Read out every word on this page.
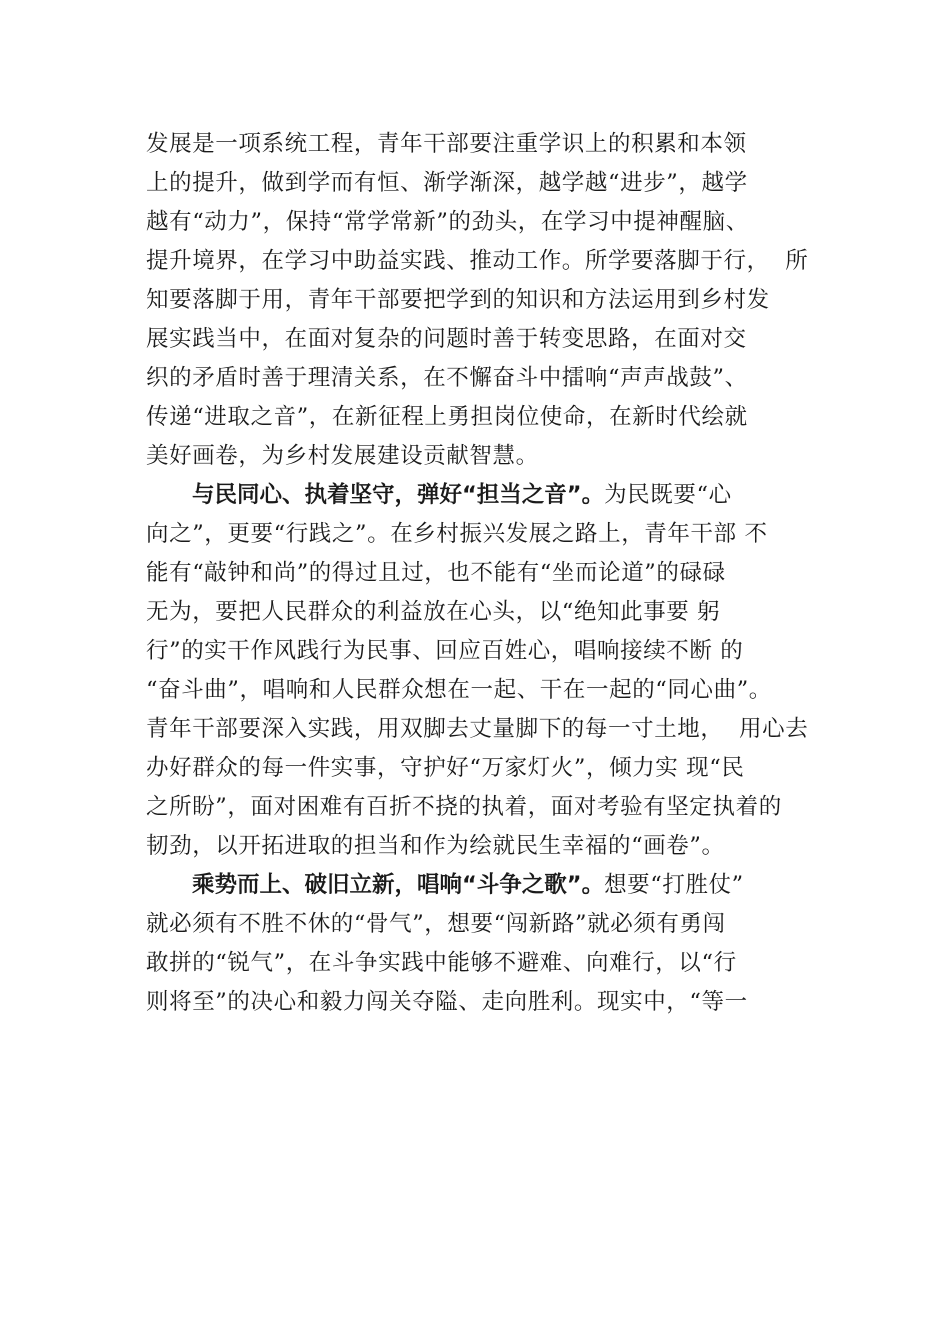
发展是一项系统工程，青年干部要注重学识上的积累和本领
上的提升，做到学而有恒、渐学渐深，越学越“进步”，越学
越有“动力”，保持“常学常新”的劲头，在学习中提神醒脑、
提升境界，在学习中助益实践、推动工作。所学要落脚于行，  所
知要落脚于用，青年干部要把学到的知识和方法运用到乡村发
展实践当中，在面对复杂的问题时善于转变思路，在面对交
织的矛盾时善于理清关系，在不懈奋斗中擂响“声声战鼓”、
传递“进取之音”，在新征程上勇担岗位使命，在新时代绘就
美好画卷，为乡村发展建设贡献智慧。
与民同心、执着坚守，弹好“担当之音”。为民既要“心
向之”，更要“行践之”。在乡村振兴发展之路上，青年干部 不
能有“敲钟和尚”的得过且过，也不能有“坐而论道”的碌碌
无为，要把人民群众的利益放在心头，以“绝知此事要 躬
行”的实干作风践行为民事、回应百姓心，唱响接续不断 的
“奋斗曲”，唱响和人民群众想在一起、干在一起的“同心曲”。
青年干部要深入实践，用双脚去丈量脚下的每一寸土地，  用心去
办好群众的每一件实事，守护好“万家灯火”，倾力实 现“民
之所盼”，面对困难有百折不挠的执着，面对考验有坚定执着的
韧劲，以开拓进取的担当和作为绘就民生幸福的“画卷”。
乘势而上、破旧立新，唱响“斗争之歌”。想要“打胜仗”
就必须有不胜不休的“骨气”，想要“闯新路”就必须有勇闯
敢拼的“锐气”，在斗争实践中能够不避难、向难行，以“行
则将至”的决心和毅力闯关夺隘、走向胜利。现实中，“等一
